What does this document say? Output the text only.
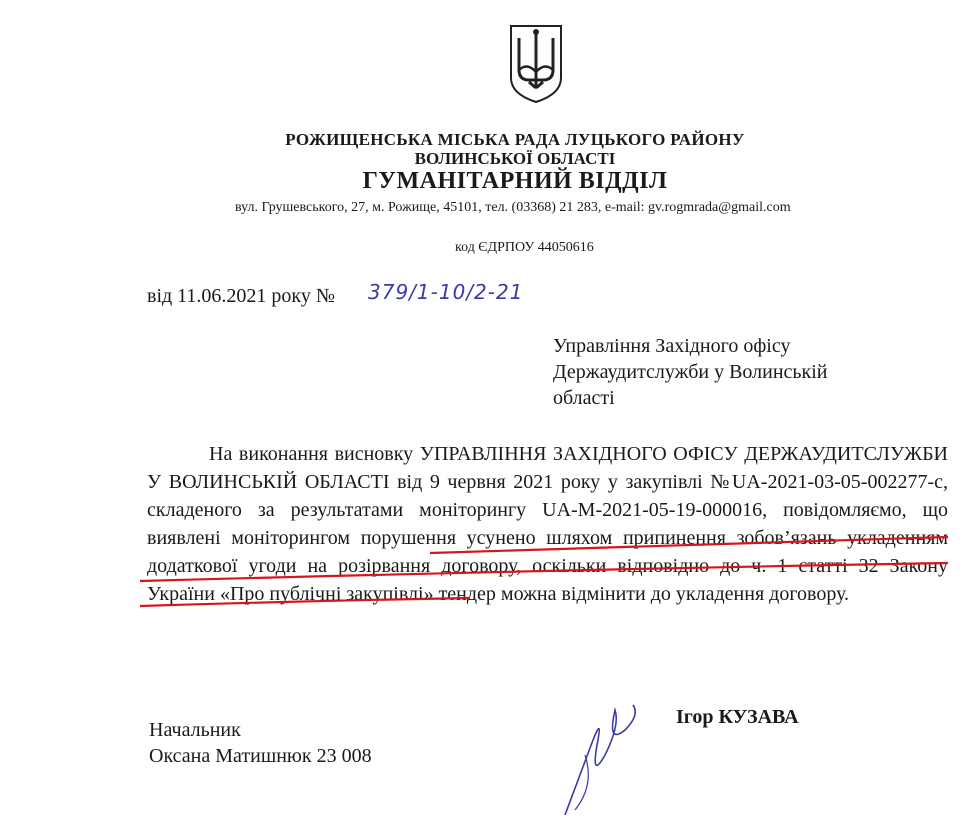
РОЖИЩЕНСЬКА МІСЬКА РАДА ЛУЦЬКОГО РАЙОНУ
ВОЛИНСЬКОЇ ОБЛАСТІ
ГУМАНІТАРНИЙ ВІДДІЛ
вул. Грушевського, 27, м. Рожище, 45101, тел. (03368) 21 283, e-mail: gv.rogmrada@gmail.com
код ЄДРПОУ 44050616
від 11.06.2021 року № 379/1-10/2-21
Управління Західного офісу
Держаудитслужби у Волинській
області
На виконання висновку УПРАВЛІННЯ ЗАХІДНОГО ОФІСУ ДЕРЖАУДИТСЛУЖБИ У ВОЛИНСЬКІЙ ОБЛАСТІ від 9 червня 2021 року у закупівлі №UA-2021-03-05-002277-с, складеного за результатами моніторингу UA-M-2021-05-19-000016, повідомляємо, що виявлені моніторингом порушення усунено шляхом припинення зобов’язань укладенням додаткової угоди на розірвання договору, оскільки відповідно до ч. 1 статті 32 Закону України «Про публічні закупівлі» тендер можна відмінити до укладення договору.
Начальник
Оксана Матишнюк 23 008
Ігор КУЗАВА
